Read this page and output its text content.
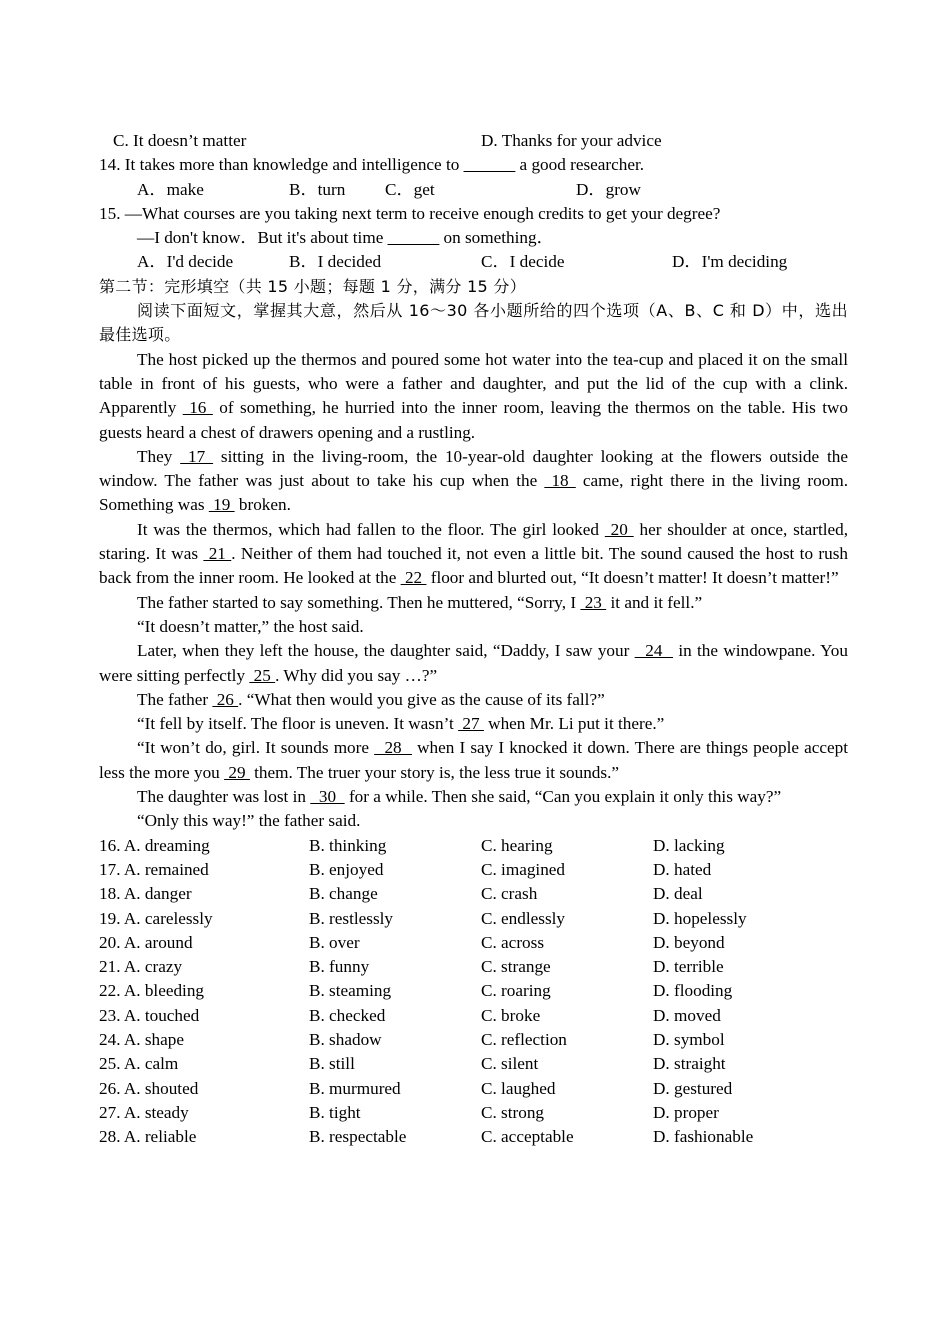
C. It doesn’t matter	D. Thanks for your advice
14. It takes more than knowledge and intelligence to ______ a good researcher.
A．make	B．turn C．get	D．grow
15. —What courses are you taking next term to receive enough credits to get your degree?
—I don't know．But it's about time ______ on something．
A．I'd decide	B．I decided	C．I decide	D．I'm deciding
第二节：完形填空（共 15 小题；每题 1 分，满分 15 分）
阅读下面短文，掌握其大意，然后从 16～30 各小题所给的四个选项（A、B、C 和 D）中，选出最佳选项。
The host picked up the thermos and poured some hot water into the tea-cup and placed it on the small table in front of his guests, who were a father and daughter, and put the lid of the cup with a clink. Apparently  16  of something, he hurried into the inner room, leaving the thermos on the table. His two guests heard a chest of drawers opening and a rustling.
They  17  sitting in the living-room, the 10-year-old daughter looking at the flowers outside the window. The father was just about to take his cup when the  18  came, right there in the living room. Something was  19  broken.
It was the thermos, which had fallen to the floor. The girl looked  20  her shoulder at once, startled, staring. It was  21 . Neither of them had touched it, not even a little bit. The sound caused the host to rush back from the inner room. He looked at the  22  floor and blurted out, “It doesn’t matter! It doesn’t matter!”
The father started to say something. Then he muttered, “Sorry, I  23  it and it fell.”
“It doesn’t matter,” the host said.
Later, when they left the house, the daughter said, “Daddy, I saw your   24   in the windowpane. You were sitting perfectly  25 . Why did you say …?”
The father  26 . “What then would you give as the cause of its fall?”
“It fell by itself. The floor is uneven. It wasn’t  27  when Mr. Li put it there.”
“It won’t do, girl. It sounds more   28   when I say I knocked it down. There are things people accept less the more you  29  them. The truer your story is, the less true it sounds.”
The daughter was lost in   30   for a while. Then she said, “Can you explain it only this way?”
“Only this way!” the father said.
16. A. dreaming	B. thinking	C. hearing	D. lacking
17. A. remained	B. enjoyed	C. imagined	D. hated
18. A. danger	B. change	C. crash	D. deal
19. A. carelessly	B. restlessly	C. endlessly	D. hopelessly
20. A. around	B. over	C. across	D. beyond
21. A. crazy	B. funny	C. strange	D. terrible
22. A. bleeding	B. steaming	C. roaring	D. flooding
23. A. touched	B. checked	C. broke	D. moved
24. A. shape	B. shadow	C. reflection	D. symbol
25. A. calm	B. still	C. silent	D. straight
26. A. shouted	B. murmured	C. laughed	D. gestured
27. A. steady	B. tight	C. strong	D. proper
28. A. reliable	B. respectable	C. acceptable	D. fashionable
